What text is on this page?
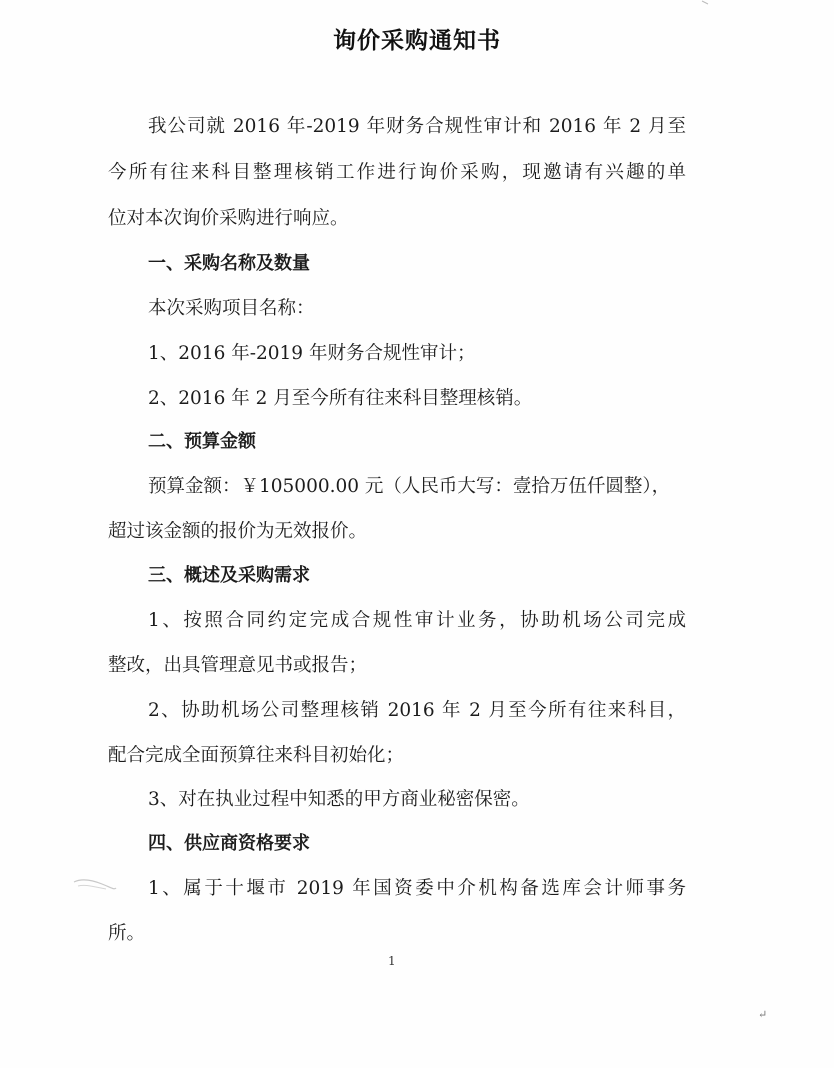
询价采购通知书
我公司就 2016 年-2019 年财务合规性审计和 2016 年 2 月至
今所有往来科目整理核销工作进行询价采购，现邀请有兴趣的单
位对本次询价采购进行响应。
一、采购名称及数量
本次采购项目名称：
1、2016 年-2019 年财务合规性审计；
2、2016 年 2 月至今所有往来科目整理核销。
二、预算金额
预算金额：￥105000.00 元（人民币大写：壹拾万伍仟圆整），
超过该金额的报价为无效报价。
三、概述及采购需求
1、按照合同约定完成合规性审计业务，协助机场公司完成
整改，出具管理意见书或报告；
2、协助机场公司整理核销 2016 年 2 月至今所有往来科目，
配合完成全面预算往来科目初始化；
3、对在执业过程中知悉的甲方商业秘密保密。
四、供应商资格要求
1、属于十堰市 2019 年国资委中介机构备选库会计师事务
所。
1
↵
